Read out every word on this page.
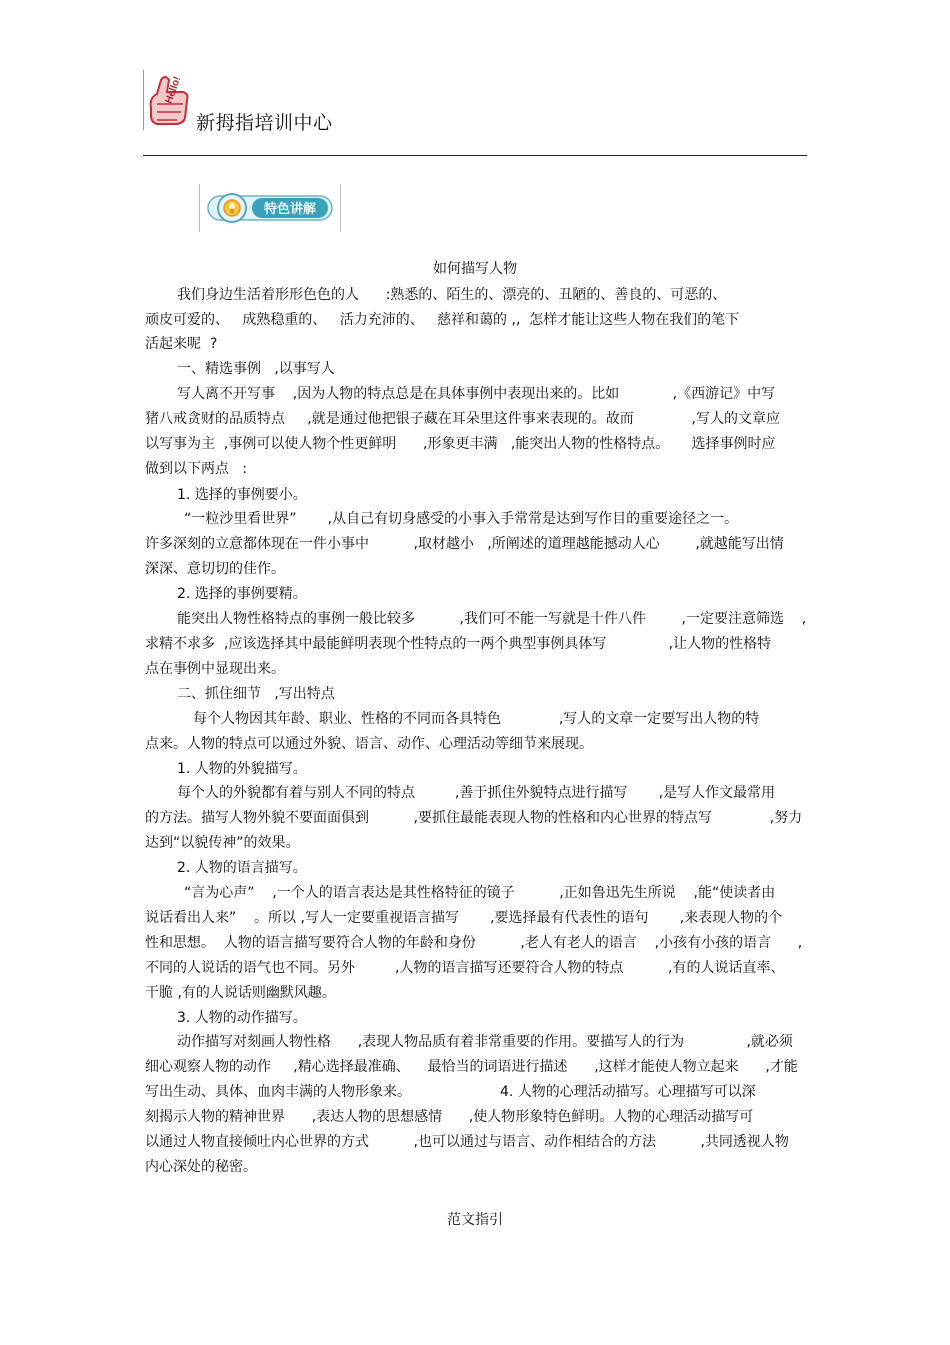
Hello!
新拇指培训中心
特色讲解
如何描写人物
我们身边生活着形形色色的人      :熟悉的、陌生的、漂亮的、丑陋的、善良的、可恶的、
顽皮可爱的、   成熟稳重的、   活力充沛的、   慈祥和蔼的 ,,  怎样才能让这些人物在我们的笔下
活起来呢  ?
一、精选事例   ,以事写人
写人离不开写事    ,因为人物的特点总是在具体事例中表现出来的。比如            ,《西游记》中写
猪八戒贪财的品质特点     ,就是通过他把银子藏在耳朵里这件事来表现的。故而             ,写人的文章应
以写事为主  ,事例可以使人物个性更鲜明      ,形象更丰满   ,能突出人物的性格特点。     选择事例时应
做到以下两点   :
1. 选择的事例要小。
“一粒沙里看世界”       ,从自己有切身感受的小事入手常常是达到写作目的重要途径之一。
许多深刻的立意都体现在一件小事中          ,取材越小   ,所阐述的道理越能撼动人心        ,就越能写出情
深深、意切切的佳作。
2. 选择的事例要精。
能突出人物性格特点的事例一般比较多          ,我们可不能一写就是十件八件        ,一定要注意筛选    ,
求精不求多  ,应该选择其中最能鲜明表现个性特点的一两个典型事例具体写              ,让人物的性格特
点在事例中显现出来。
二、抓住细节   ,写出特点
每个人物因其年龄、职业、性格的不同而各具特色             ,写人的文章一定要写出人物的特
点来。人物的特点可以通过外貌、语言、动作、心理活动等细节来展现。
1. 人物的外貌描写。
每个人的外貌都有着与别人不同的特点         ,善于抓住外貌特点进行描写       ,是写人作文最常用
的方法。描写人物外貌不要面面俱到          ,要抓住最能表现人物的性格和内心世界的特点写             ,努力
达到“以貌传神”的效果。
2. 人物的语言描写。
“言为心声”    ,一个人的语言表达是其性格特征的镜子          ,正如鲁迅先生所说    ,能“使读者由
说话看出人来”    。所以 ,写人一定要重视语言描写       ,要选择最有代表性的语句       ,来表现人物的个
性和思想。  人物的语言描写要符合人物的年龄和身份          ,老人有老人的语言    ,小孩有小孩的语言      ,
不同的人说话的语气也不同。另外         ,人物的语言描写还要符合人物的特点          ,有的人说话直率、
干脆 ,有的人说话则幽默风趣。
3. 人物的动作描写。
动作描写对刻画人物性格      ,表现人物品质有着非常重要的作用。要描写人的行为              ,就必须
细心观察人物的动作     ,精心选择最准确、    最恰当的词语进行描述      ,这样才能使人物立起来      ,才能
写出生动、具体、血肉丰满的人物形象来。                    4. 人物的心理活动描写。心理描写可以深
刻揭示人物的精神世界      ,表达人物的思想感情      ,使人物形象特色鲜明。人物的心理活动描写可
以通过人物直接倾吐内心世界的方式          ,也可以通过与语言、动作相结合的方法          ,共同透视人物
内心深处的秘密。
范文指引
